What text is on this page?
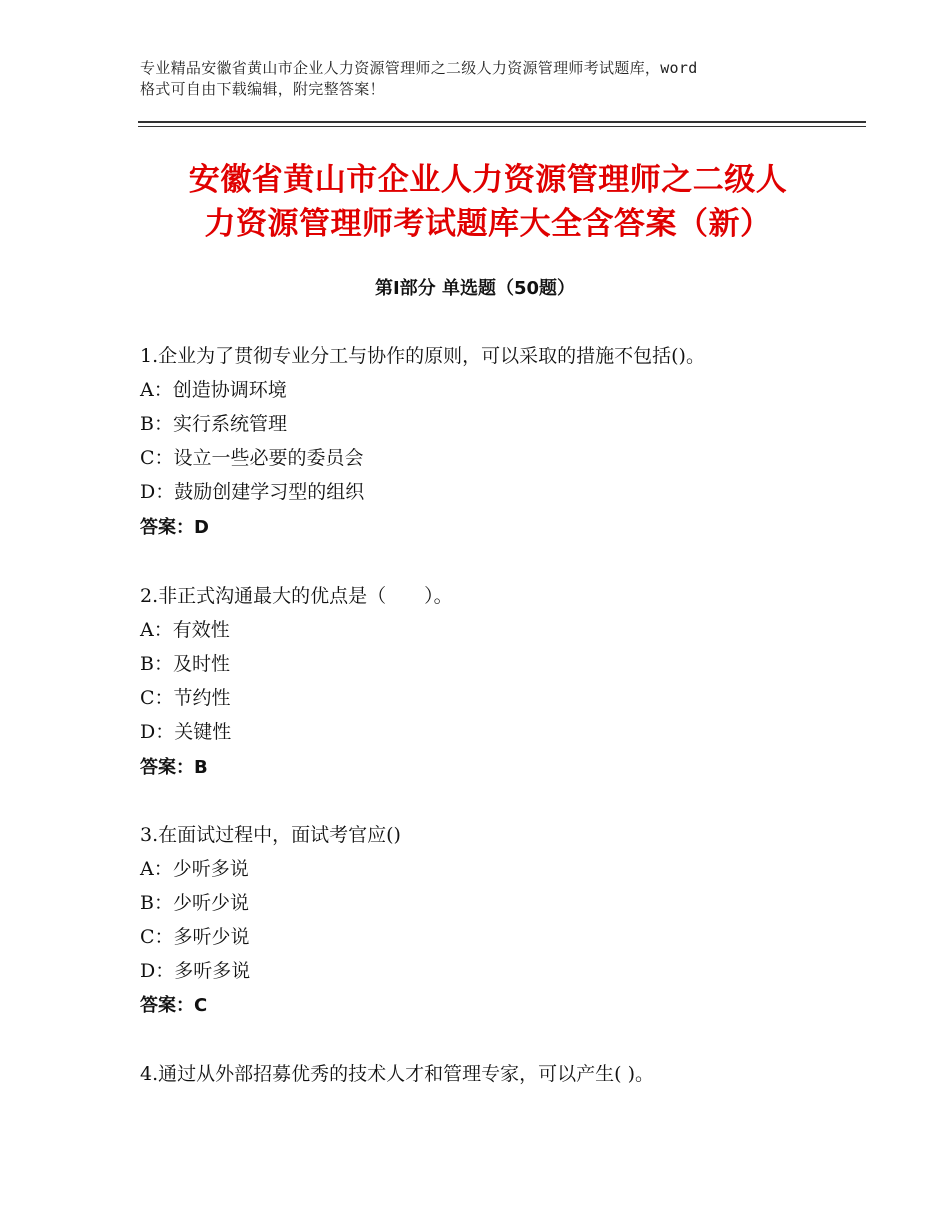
专业精品安徽省黄山市企业人力资源管理师之二级人力资源管理师考试题库，word
格式可自由下载编辑，附完整答案！
安徽省黄山市企业人力资源管理师之二级人
力资源管理师考试题库大全含答案（新）
第Ⅰ部分 单选题（50题）
1.企业为了贯彻专业分工与协作的原则，可以采取的措施不包括()。
A：创造协调环境
B：实行系统管理
C：设立一些必要的委员会
D：鼓励创建学习型的组织
答案：D
2.非正式沟通最大的优点是（　　）。
A：有效性
B：及时性
C：节约性
D：关键性
答案：B
3.在面试过程中，面试考官应()
A：少听多说
B：少听少说
C：多听少说
D：多听多说
答案：C
4.通过从外部招募优秀的技术人才和管理专家，可以产生( )。
